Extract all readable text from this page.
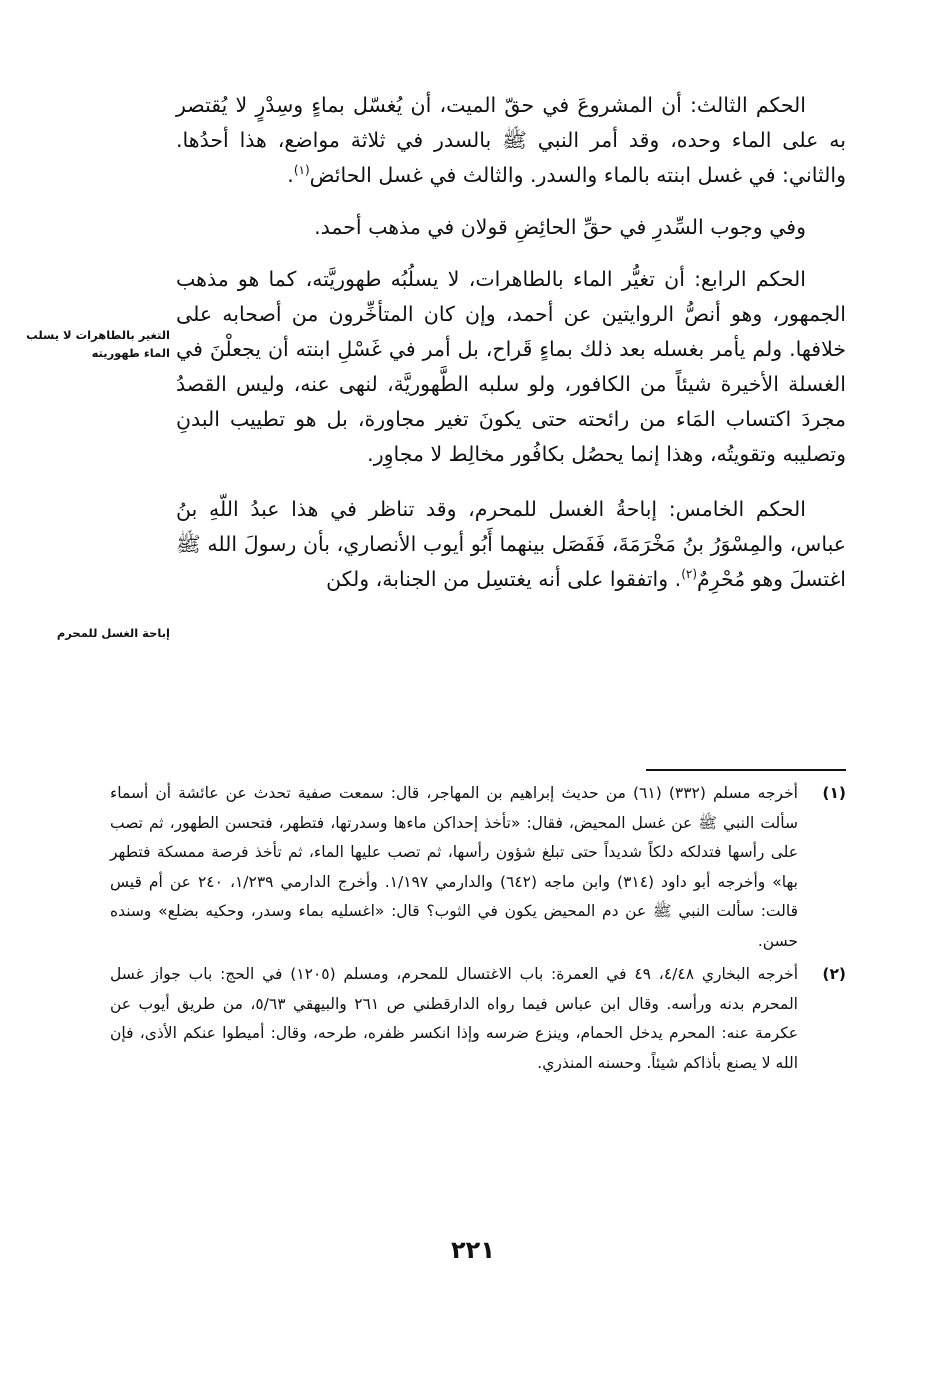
الحكم الثالث: أن المشروعَ في حقّ الميت، أن يُغسّل بماءٍ وسِدْرٍ لا يُقتصر به على الماء وحده، وقد أمر النبي ﷺ بالسدر في ثلاثة مواضع، هذا أحدُها. والثاني: في غسل ابنته بالماء والسدر. والثالث في غسل الحائض$^{(١)}$.

وفي وجوب السِّدرِ في حقِّ الحائِضِ قولان في مذهب أحمد.

الحكم الرابع: أن تغيُّر الماء بالطاهرات، لا يسلُبُه طهوريَّته، كما هو مذهب الجمهور، وهو أنصُّ الروايتين عن أحمد، وإن كان المتأخِّرون من أصحابه على خلافها. ولم يأمر بغسله بعد ذلك بماءٍ قَراح، بل أمر في غَسْلِ ابنته أن يجعلْنَ في الغسلة الأخيرة شيئاً من الكافور، ولو سلبه الطَّهوريَّة، لنهى عنه، وليس القصدُ مجردَ اكتساب المَاء من رائحته حتى يكونَ تغير مجاورة، بل هو تطييب البدنِ وتصليبه وتقويتُه، وهذا إنما يحصُل بكافُور مخالِط لا مجاوِر.

الحكم الخامس: إباحةُ الغسل للمحرم، وقد تناظر في هذا عبدُ اللّهِ بنُ عباس، والمِسْوَرُ بنُ مَخْرَمَةَ، فَفَصَل بينهما أَبُو أيوب الأنصاري، بأن رسولَ الله ﷺ اغتسلَ وهو مُحْرِمٌ$^{(٢)}$. واتفقوا على أنه يغتسِل من الجنابة، ولكن

التغير بالطاهرات لا يسلب الماء طهوريته
إباحة الغسل للمحرم
(١)
أخرجه مسلم (٣٣٢) (٦١) من حديث إبراهيم بن المهاجر، قال: سمعت صفية تحدث عن عائشة أن أسماء سألت النبي ﷺ عن غسل المحيض، فقال: «تأخذ إحداكن ماءها وسدرتها، فتطهر، فتحسن الطهور، ثم تصب على رأسها فتدلكه دلكاً شديداً حتى تبلغ شؤون رأسها، ثم تصب عليها الماء، ثم تأخذ فرصة ممسكة فتطهر بها» وأخرجه أبو داود (٣١٤) وابن ماجه (٦٤٢) والدارمي ١/١٩٧. وأخرج الدارمي ١/٢٣٩، ٢٤٠ عن أم قيس قالت: سألت النبي ﷺ عن دم المحيض يكون في الثوب؟ قال: «اغسليه بماء وسدر، وحكيه بضلع» وسنده حسن.
(٢)
أخرجه البخاري ٤/٤٨، ٤٩ في العمرة: باب الاغتسال للمحرم، ومسلم (١٢٠٥) في الحج: باب جواز غسل المحرم بدنه ورأسه. وقال ابن عباس فيما رواه الدارقطني ص ٢٦١ والبيهقي ٥/٦٣، من طريق أيوب عن عكرمة عنه: المحرم يدخل الحمام، وينزع ضرسه وإذا انكسر ظفره، طرحه، وقال: أميطوا عنكم الأذى، فإن الله لا يصنع بأذاكم شيئاً. وحسنه المنذري.
٢٢١
